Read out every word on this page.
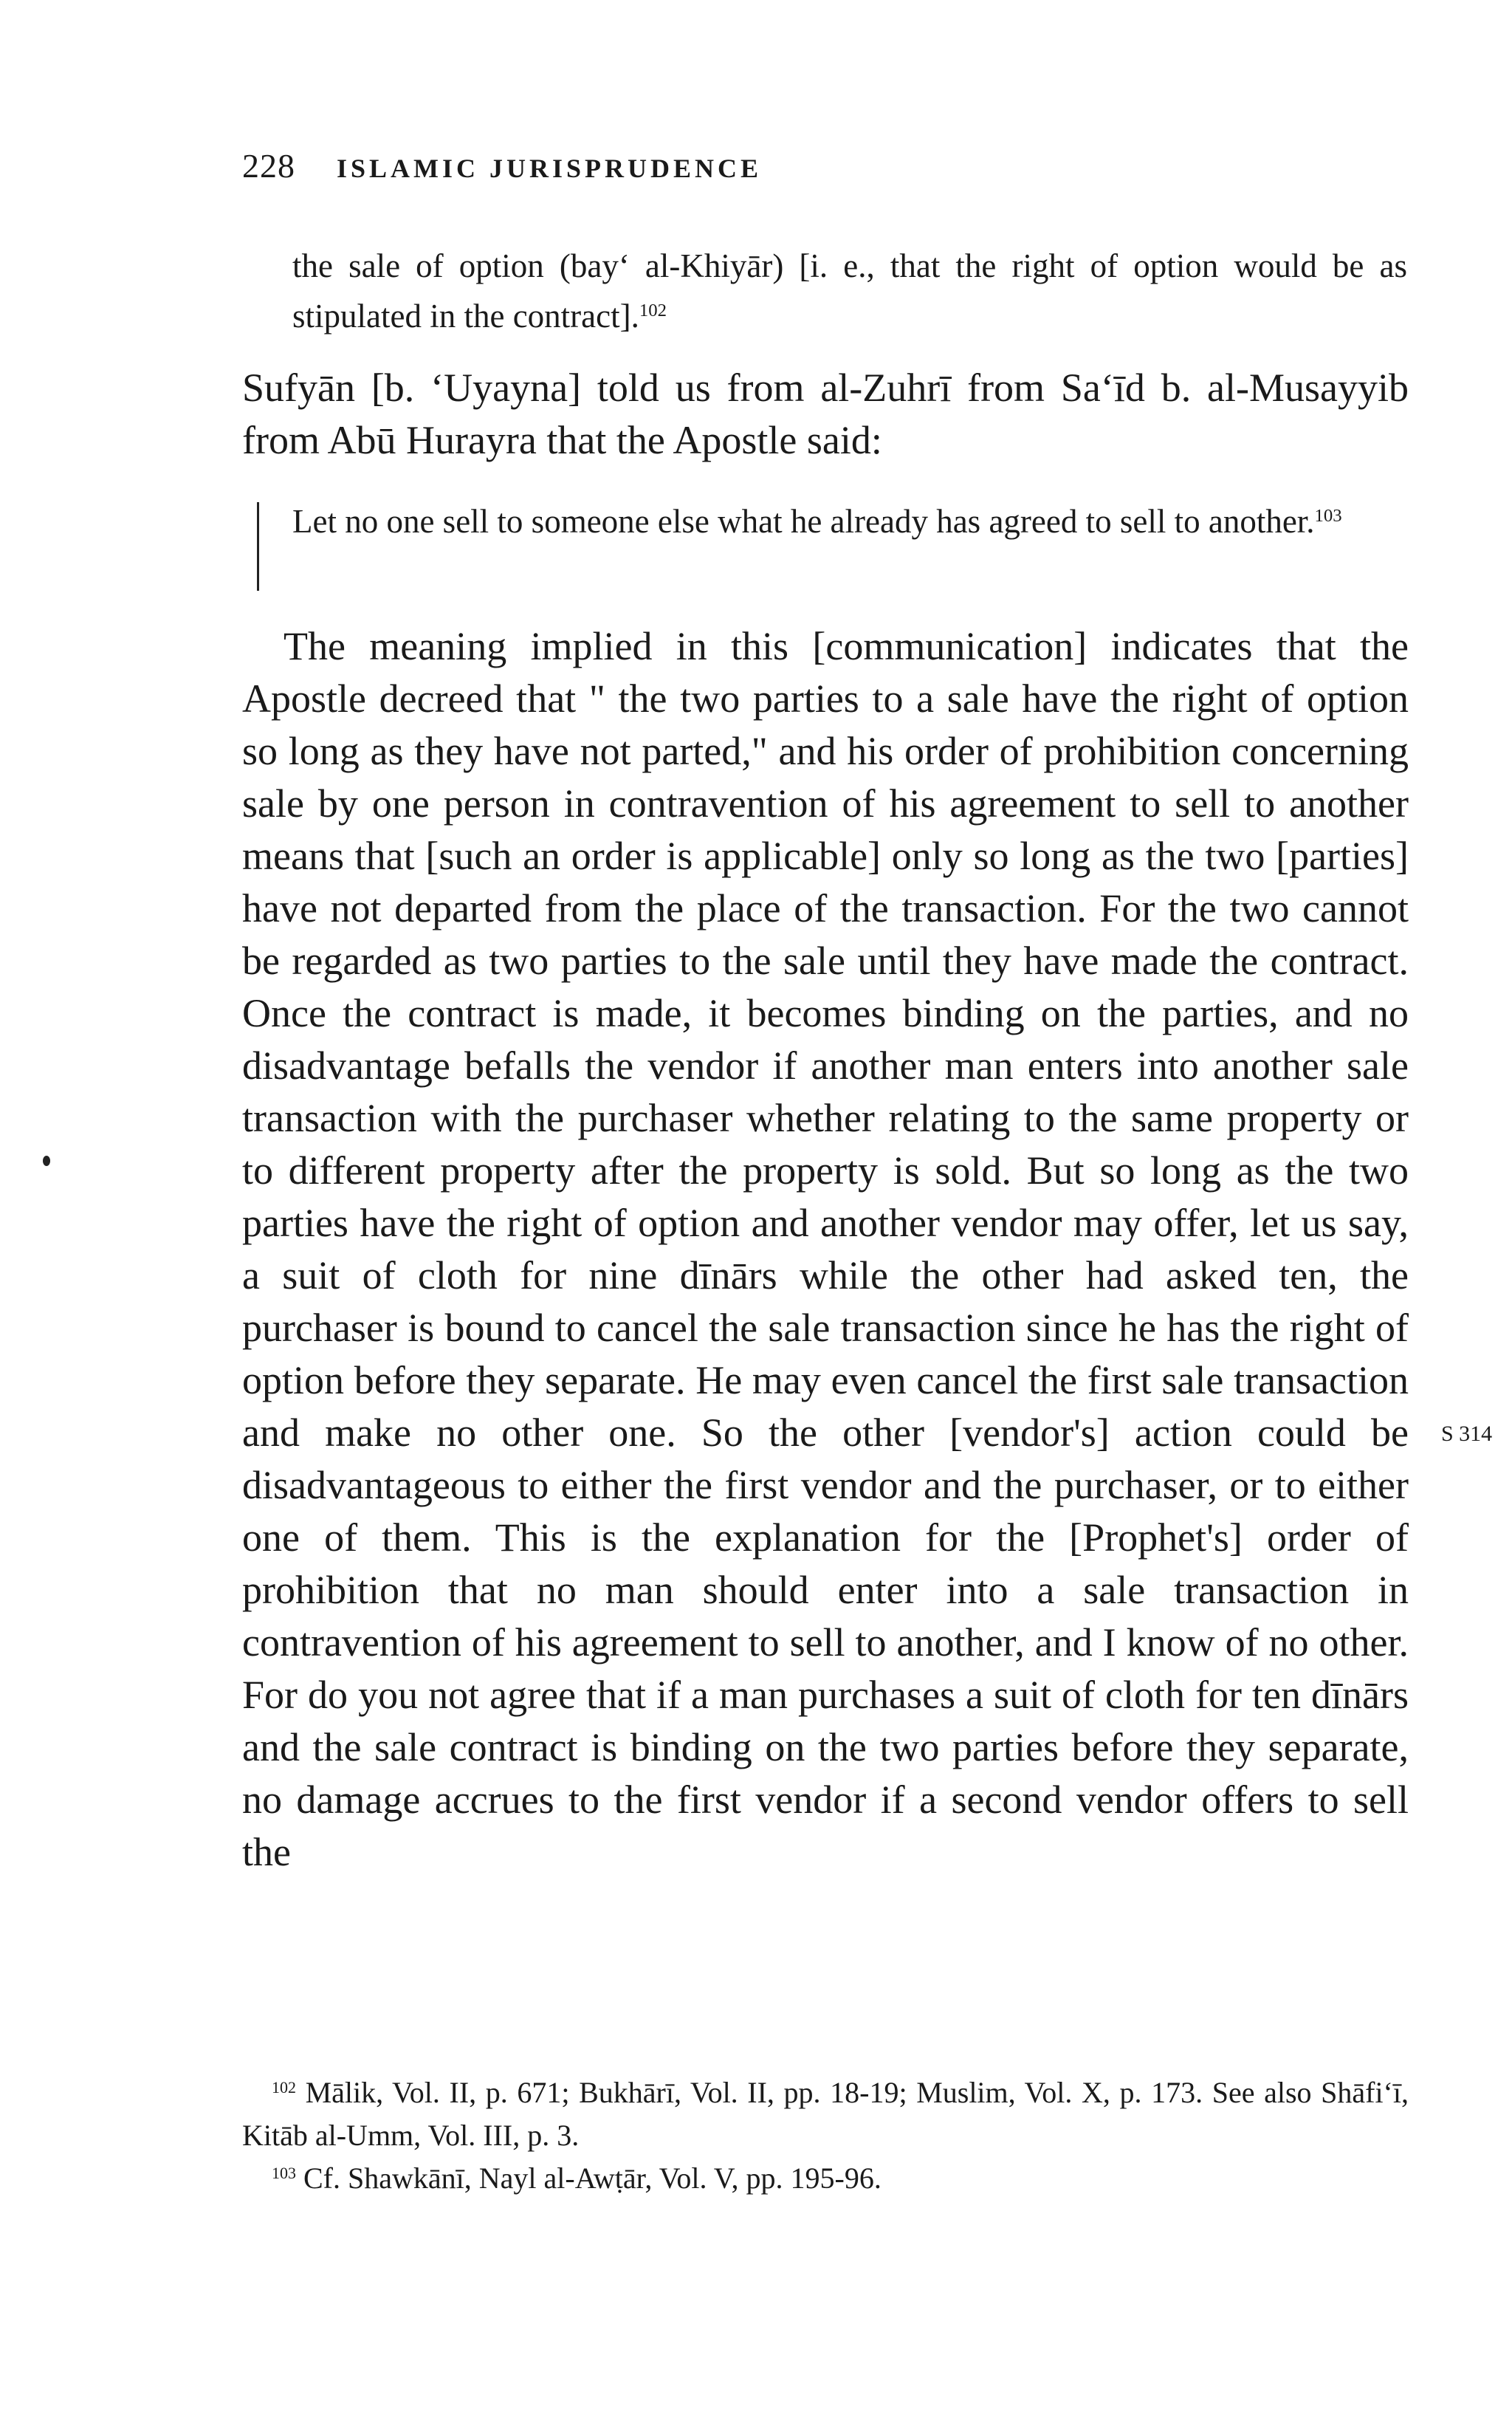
228 ISLAMIC JURISPRUDENCE

the sale of option (bay‘ al-Khiyār) [i. e., that the right of option would be as stipulated in the contract].$^{102}$

Sufyān [b. ‘Uyayna] told us from al-Zuhrī from Sa‘īd b. al-Musayyib from Abū Hurayra that the Apostle said:

Let no one sell to someone else what he already has agreed to sell to another.$^{103}$

The meaning implied in this [communication] indicates that the Apostle decreed that " the two parties to a sale have the right of option so long as they have not parted," and his order of prohibition concerning sale by one person in contravention of his agreement to sell to another means that [such an order is applicable] only so long as the two [parties] have not departed from the place of the transaction. For the two cannot be regarded as two parties to the sale until they have made the contract. Once the contract is made, it becomes binding on the parties, and no disadvantage befalls the vendor if another man enters into another sale transaction with the purchaser whether relating to the same property or to different property after the property is sold. But so long as the two parties have the right of option and another vendor may offer, let us say, a suit of cloth for nine dīnārs while the other had asked ten, the purchaser is bound to cancel the sale transaction since he has the right of option before they separate. He may even cancel the first sale transaction and make no other one. So the other [vendor's] action could be disadvantageous to either the first vendor and the purchaser, or to either one of them. This is the explanation for the [Prophet's] order of prohibition that no man should enter into a sale transaction in contravention of his agreement to sell to another, and I know of no other. For do you not agree that if a man purchases a suit of cloth for ten dīnārs and the sale contract is binding on the two parties before they separate, no damage accrues to the first vendor if a second vendor offers to sell the

S 314

$^{102}$ Mālik, Vol. II, p. 671; Bukhārī, Vol. II, pp. 18-19; Muslim, Vol. X, p. 173. See also Shāfi‘ī, Kitāb al-Umm, Vol. III, p. 3.

$^{103}$ Cf. Shawkānī, Nayl al-Awṭār, Vol. V, pp. 195-96.
